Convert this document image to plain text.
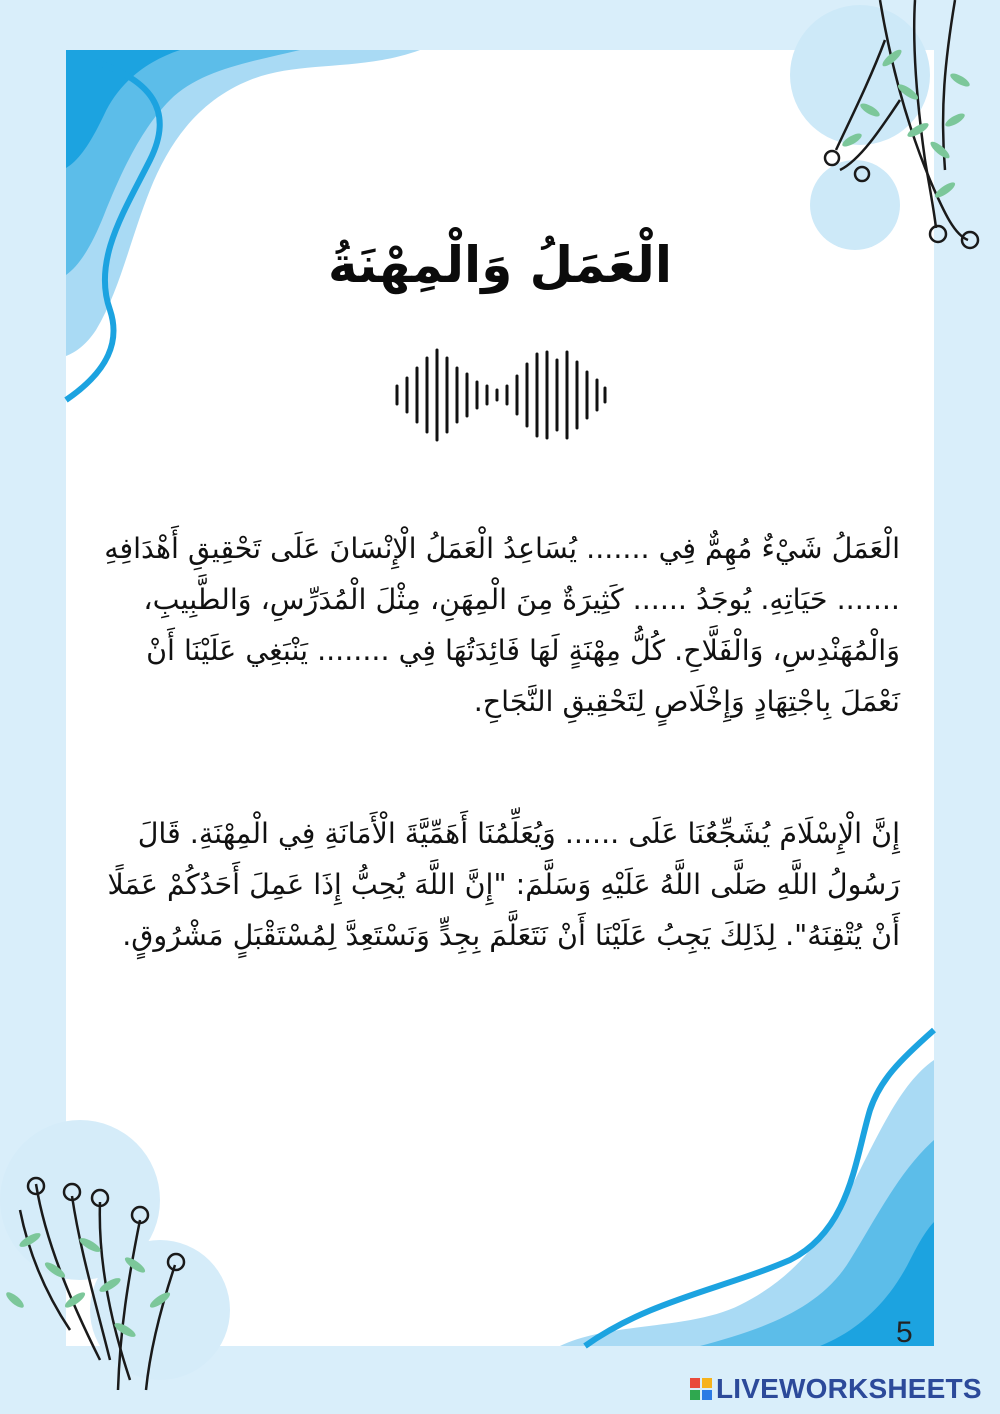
الْعَمَلُ وَالْمِهْنَةُ

الْعَمَلُ شَيْءٌ مُهِمٌّ فِي ....... يُسَاعِدُ الْعَمَلُ الْإِنْسَانَ عَلَى تَحْقِيقِ أَهْدَافِهِ ....... حَيَاتِهِ. يُوجَدُ ...... كَثِيرَةٌ مِنَ الْمِهَنِ، مِثْلَ الْمُدَرِّسِ، وَالطَّبِيبِ، وَالْمُهَنْدِسِ، وَالْفَلَّاحِ. كُلُّ مِهْنَةٍ لَهَا فَائِدَتُهَا فِي ........ يَنْبَغِي عَلَيْنَا أَنْ نَعْمَلَ بِاجْتِهَادٍ وَإِخْلَاصٍ لِتَحْقِيقِ النَّجَاحِ.

إِنَّ الْإِسْلَامَ يُشَجِّعُنَا عَلَى ...... وَيُعَلِّمُنَا أَهَمِّيَّةَ الْأَمَانَةِ فِي الْمِهْنَةِ. قَالَ رَسُولُ اللَّهِ صَلَّى اللَّهُ عَلَيْهِ وَسَلَّمَ: "إِنَّ اللَّهَ يُحِبُّ إِذَا عَمِلَ أَحَدُكُمْ عَمَلًا أَنْ يُتْقِنَهُ". لِذَلِكَ يَجِبُ عَلَيْنَا أَنْ نَتَعَلَّمَ بِجِدٍّ وَنَسْتَعِدَّ لِمُسْتَقْبَلٍ مَشْرُوقٍ.

5
LIVEWORKSHEETS
